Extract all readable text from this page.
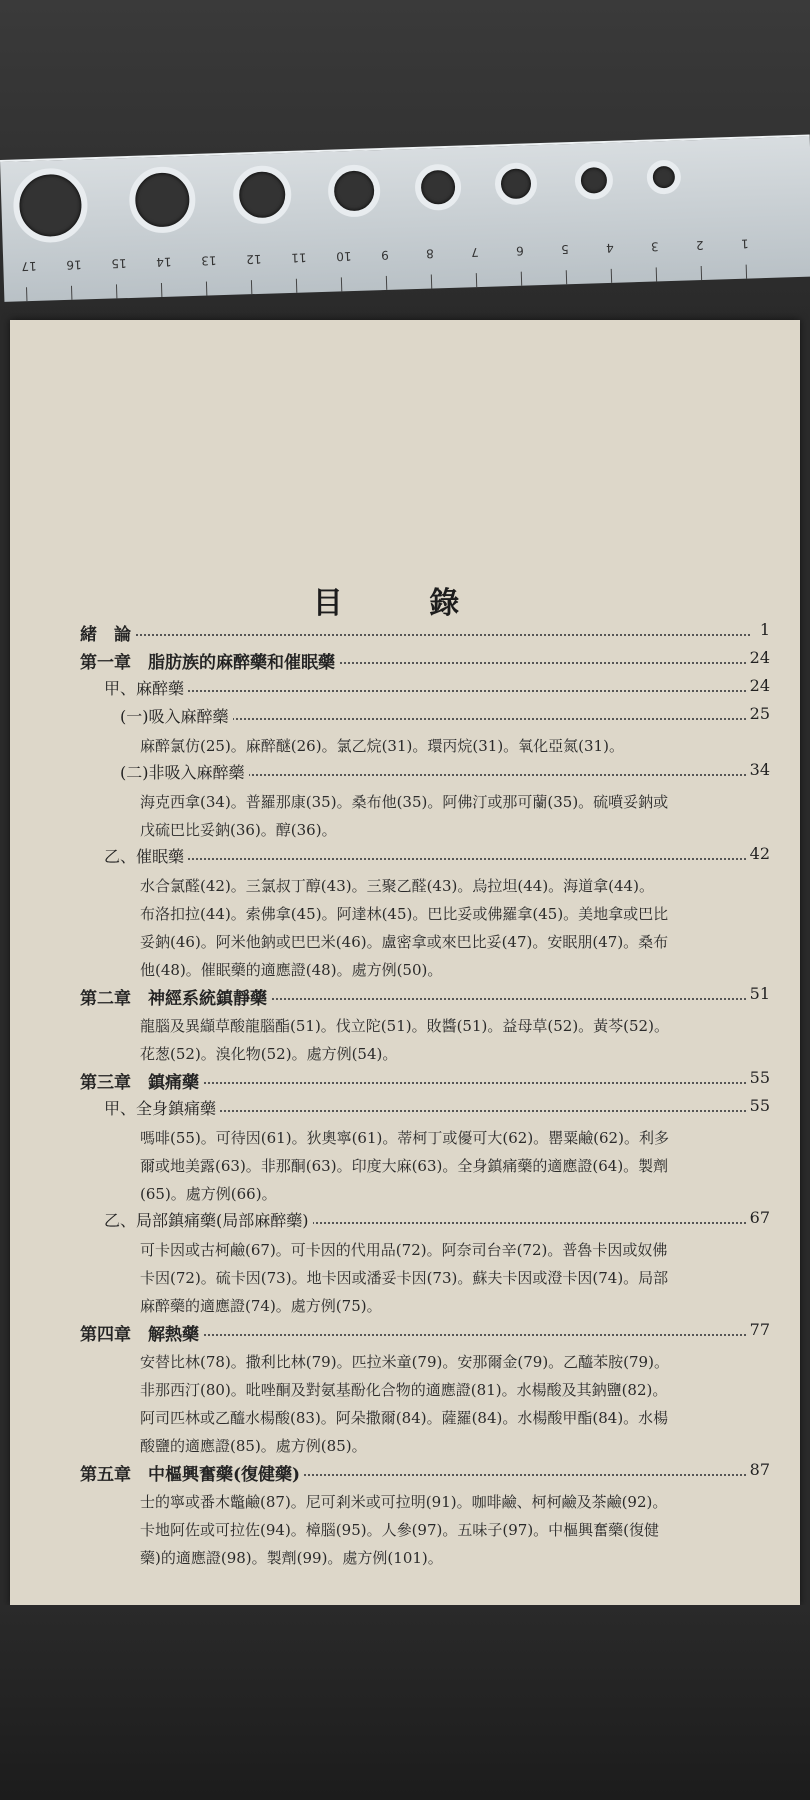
17 16 15 14 13 12 11 10 9	8	7	6	5	4	3	2	1
目 錄
緒　論	1
第一章　脂肪族的麻醉藥和催眠藥	24
甲、麻醉藥	24
(一)吸入麻醉藥	25
麻醉氯仿(25)。麻醉醚(26)。氯乙烷(31)。環丙烷(31)。氧化亞氮(31)。
(二)非吸入麻醉藥	34
海克西拿(34)。普羅那康(35)。桑布他(35)。阿佛汀或那可蘭(35)。硫噴妥鈉或
戊硫巴比妥鈉(36)。醇(36)。
乙、催眠藥	42
水合氯醛(42)。三氯叔丁醇(43)。三聚乙醛(43)。烏拉坦(44)。海道拿(44)。
布洛扣拉(44)。索佛拿(45)。阿達林(45)。巴比妥或佛羅拿(45)。美地拿或巴比
妥鈉(46)。阿米他鈉或巴巴米(46)。盧密拿或來巴比妥(47)。安眠朋(47)。桑布
他(48)。催眠藥的適應證(48)。處方例(50)。
第二章　神經系統鎮靜藥	51
龍腦及異纈草酸龍腦酯(51)。伐立陀(51)。敗醬(51)。益母草(52)。黃芩(52)。
花葱(52)。溴化物(52)。處方例(54)。
第三章　鎮痛藥	55
甲、全身鎮痛藥	55
嗎啡(55)。可待因(61)。狄奧寧(61)。蒂柯丁或優可大(62)。罌粟鹼(62)。利多
爾或地美露(63)。非那酮(63)。印度大麻(63)。全身鎮痛藥的適應證(64)。製劑
(65)。處方例(66)。
乙、局部鎮痛藥(局部麻醉藥)	67
可卡因或古柯鹼(67)。可卡因的代用品(72)。阿奈司台辛(72)。普魯卡因或奴佛
卡因(72)。硫卡因(73)。地卡因或潘妥卡因(73)。蘇夫卡因或澄卡因(74)。局部
麻醉藥的適應證(74)。處方例(75)。
第四章　解熱藥	77
安替比林(78)。撒利比林(79)。匹拉米童(79)。安那爾金(79)。乙醯苯胺(79)。
非那西汀(80)。吡唑酮及對氨基酚化合物的適應證(81)。水楊酸及其鈉鹽(82)。
阿司匹林或乙醯水楊酸(83)。阿朵撒爾(84)。薩羅(84)。水楊酸甲酯(84)。水楊
酸鹽的適應證(85)。處方例(85)。
第五章　中樞興奮藥(復健藥)	87
士的寧或番木鼈鹼(87)。尼可剎米或可拉明(91)。咖啡鹼、柯柯鹼及茶鹼(92)。
卡地阿佐或可拉佐(94)。樟腦(95)。人參(97)。五味子(97)。中樞興奮藥(復健
藥)的適應證(98)。製劑(99)。處方例(101)。
